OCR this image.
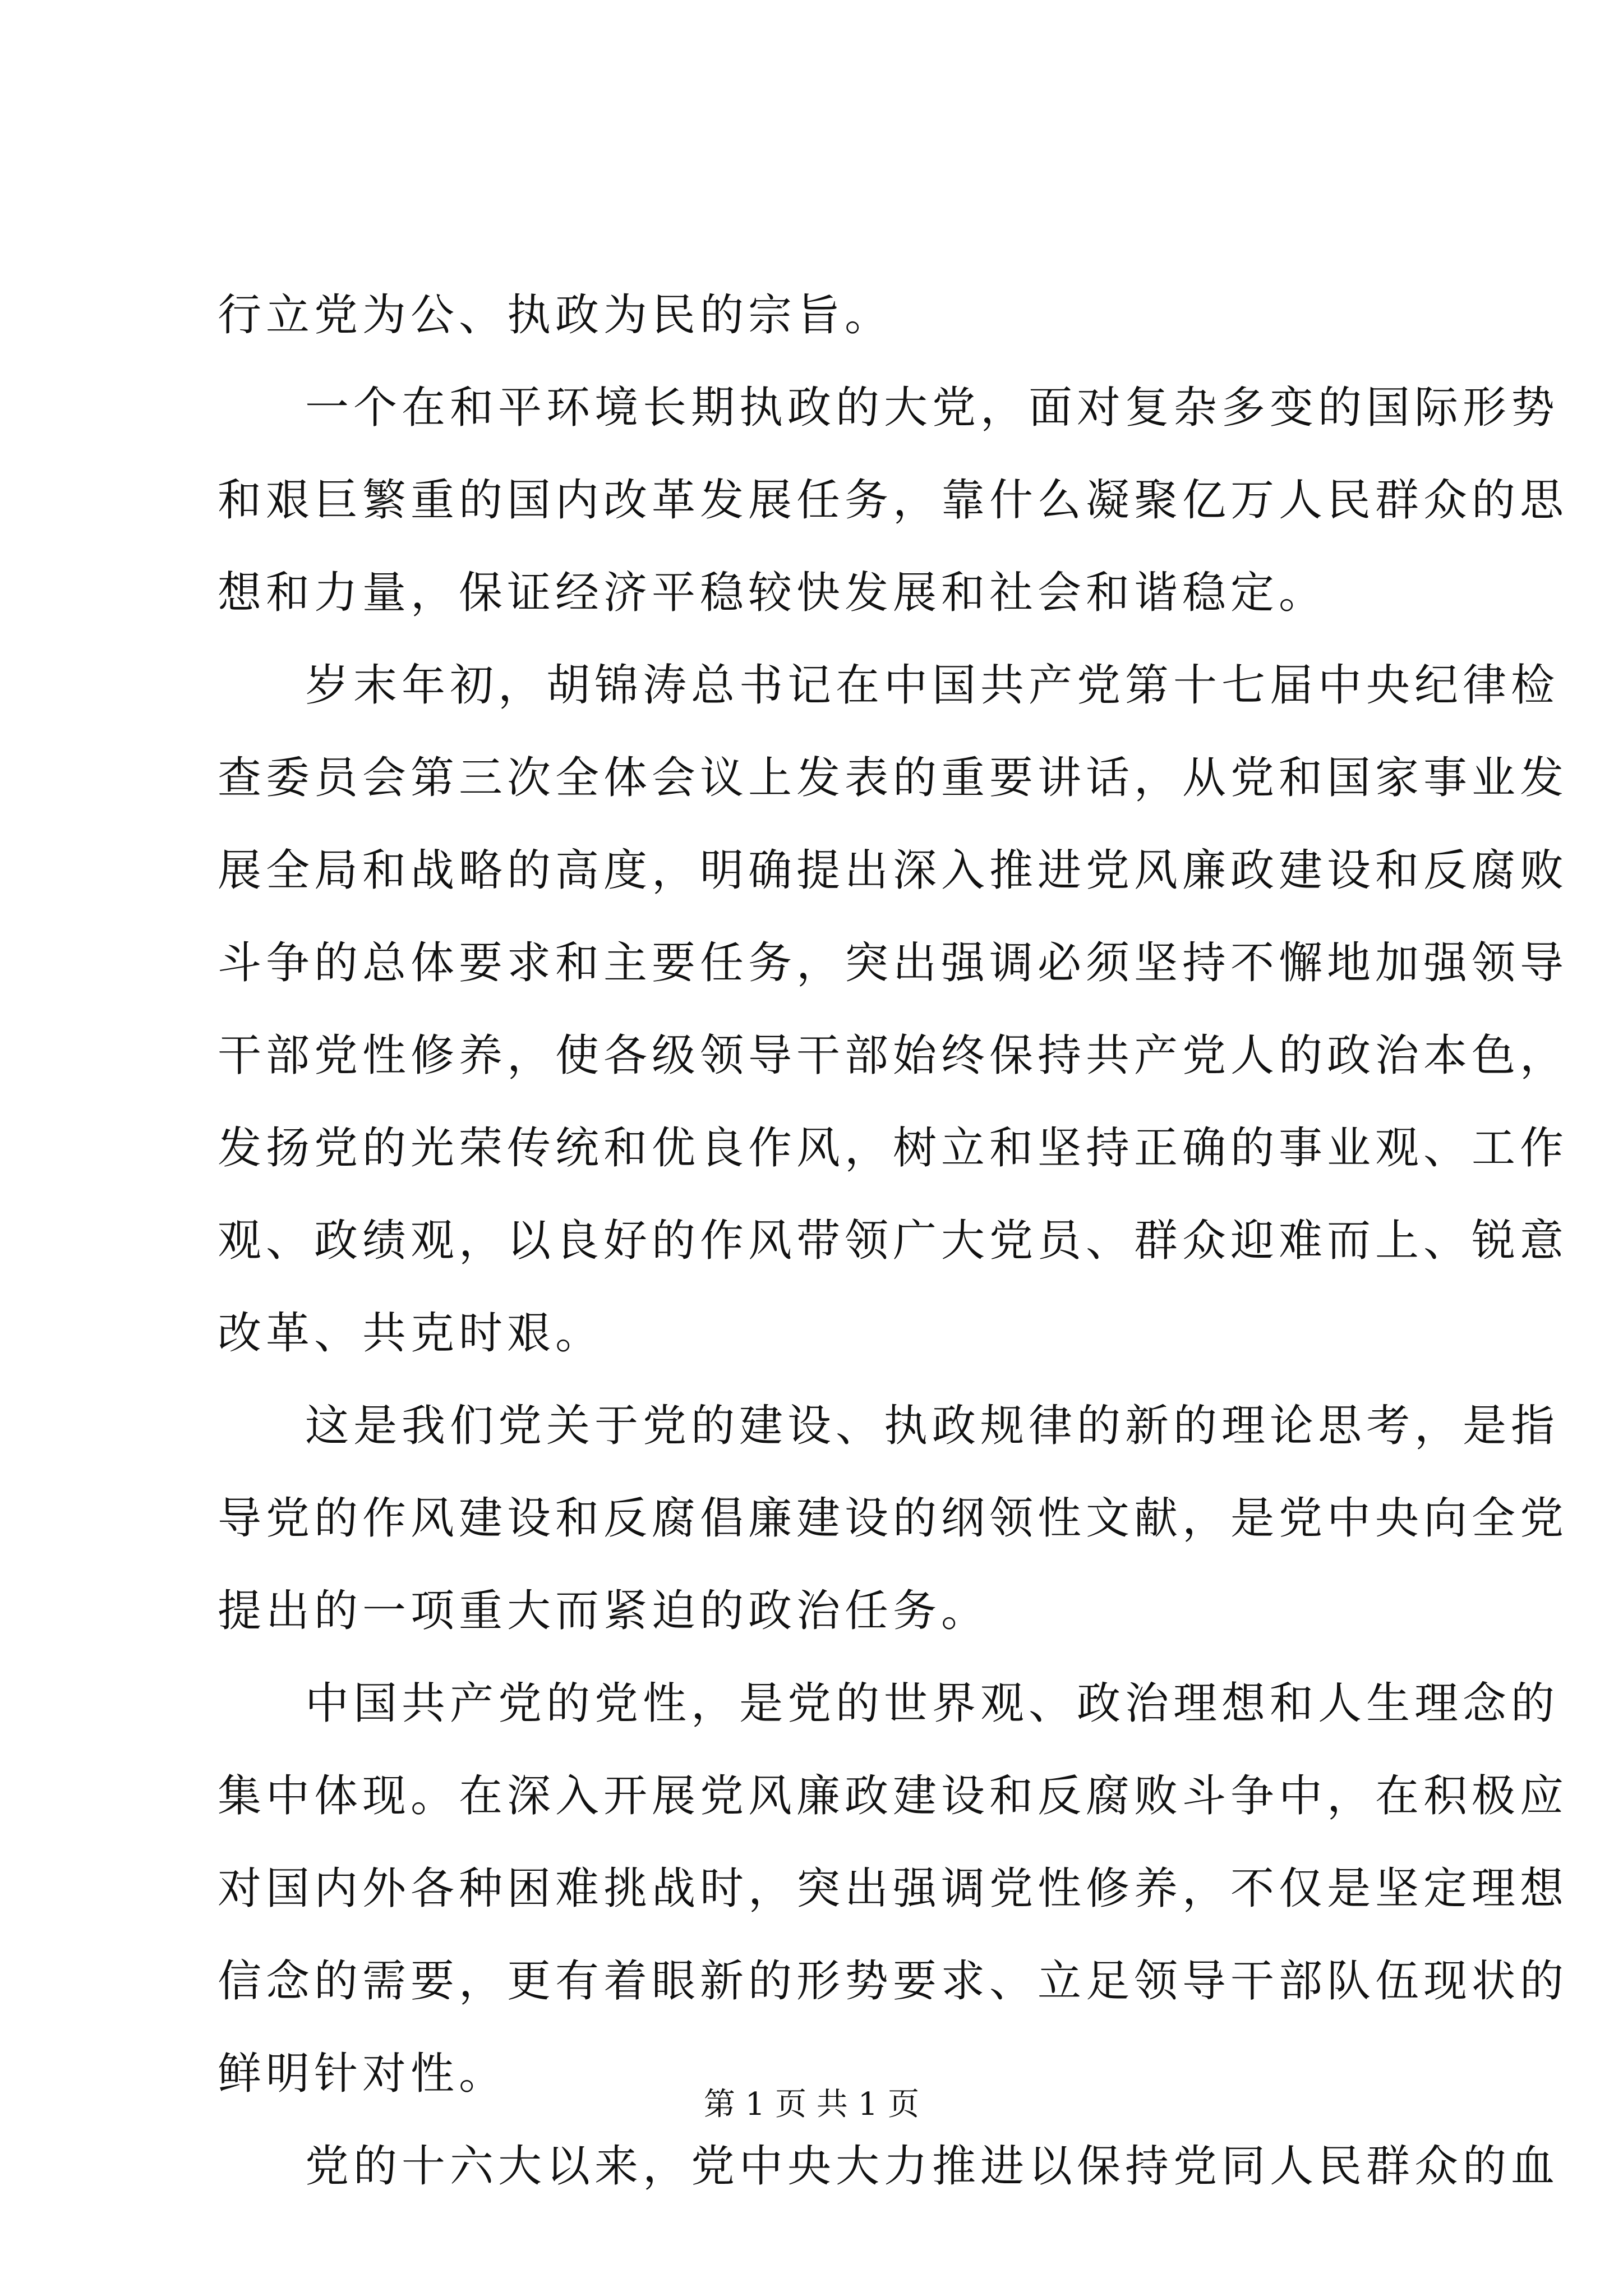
行立党为公、执政为民的宗旨。
一个在和平环境长期执政的大党，面对复杂多变的国际形势
和艰巨繁重的国内改革发展任务，靠什么凝聚亿万人民群众的思
想和力量，保证经济平稳较快发展和社会和谐稳定。
岁末年初，胡锦涛总书记在中国共产党第十七届中央纪律检
查委员会第三次全体会议上发表的重要讲话，从党和国家事业发
展全局和战略的高度，明确提出深入推进党风廉政建设和反腐败
斗争的总体要求和主要任务，突出强调必须坚持不懈地加强领导
干部党性修养，使各级领导干部始终保持共产党人的政治本色，
发扬党的光荣传统和优良作风，树立和坚持正确的事业观、工作
观、政绩观，以良好的作风带领广大党员、群众迎难而上、锐意
改革、共克时艰。
这是我们党关于党的建设、执政规律的新的理论思考，是指
导党的作风建设和反腐倡廉建设的纲领性文献，是党中央向全党
提出的一项重大而紧迫的政治任务。
中国共产党的党性，是党的世界观、政治理想和人生理念的
集中体现。在深入开展党风廉政建设和反腐败斗争中，在积极应
对国内外各种困难挑战时，突出强调党性修养，不仅是坚定理想
信念的需要，更有着眼新的形势要求、立足领导干部队伍现状的
鲜明针对性。
党的十六大以来，党中央大力推进以保持党同人民群众的血
第 1 页 共 1 页
